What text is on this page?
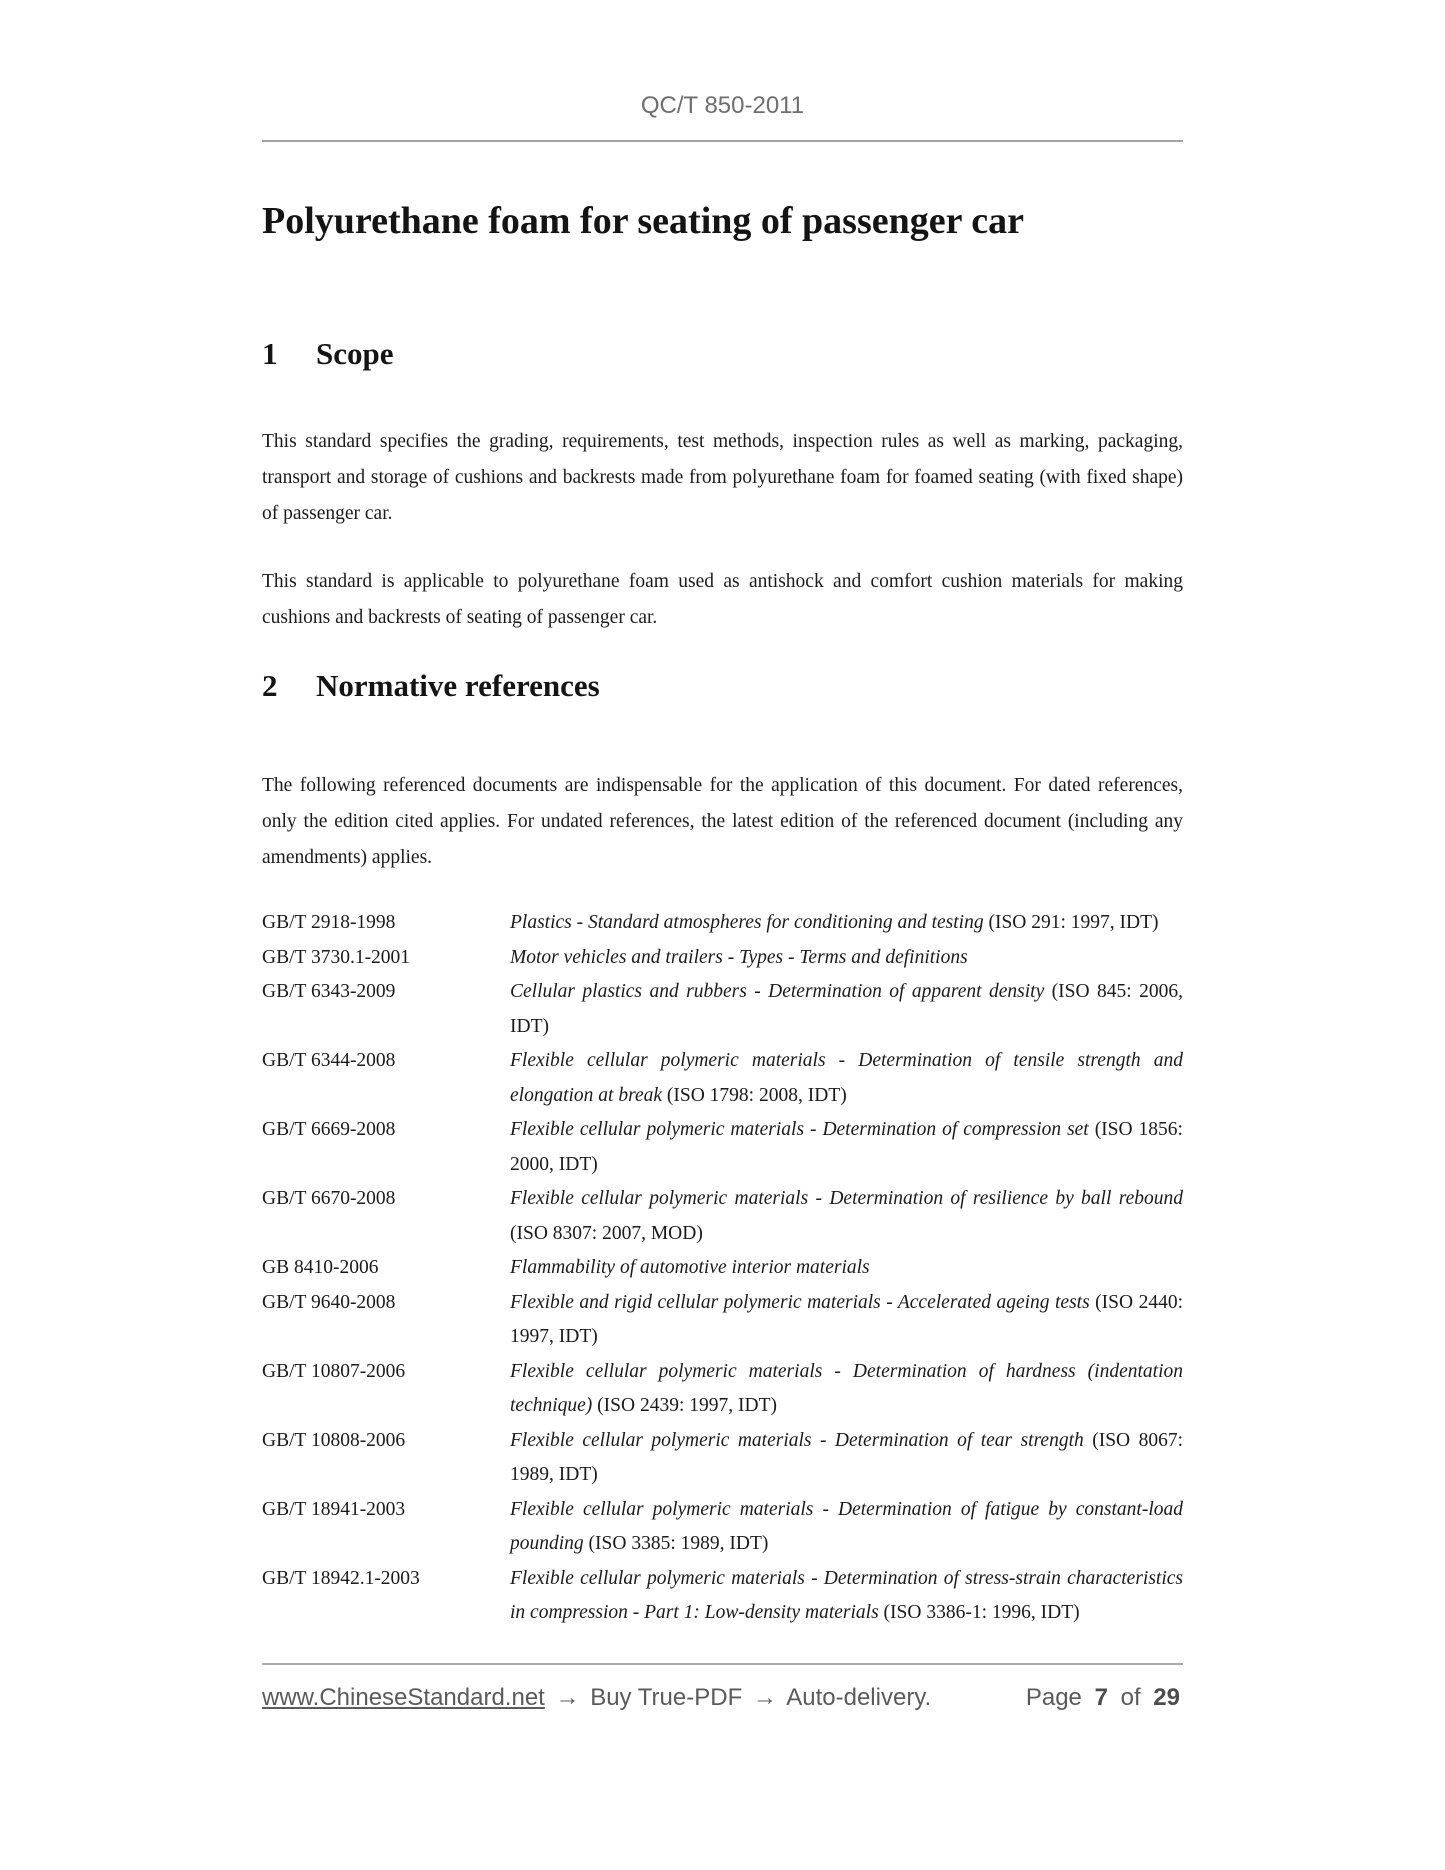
QC/T 850-2011
Polyurethane foam for seating of passenger car
1 Scope

This standard specifies the grading, requirements, test methods, inspection rules as well as marking, packaging, transport and storage of cushions and backrests made from polyurethane foam for foamed seating (with fixed shape) of passenger car.

This standard is applicable to polyurethane foam used as antishock and comfort cushion materials for making cushions and backrests of seating of passenger car.

2 Normative references

The following referenced documents are indispensable for the application of this document. For dated references, only the edition cited applies. For undated references, the latest edition of the referenced document (including any amendments) applies.

GB/T 2918-1998	Plastics - Standard atmospheres for conditioning and testing (ISO 291: 1997, IDT)
GB/T 3730.1-2001	Motor vehicles and trailers - Types - Terms and definitions
GB/T 6343-2009	Cellular plastics and rubbers - Determination of apparent density (ISO 845: 2006, IDT)
GB/T 6344-2008	Flexible cellular polymeric materials - Determination of tensile strength and elongation at break (ISO 1798: 2008, IDT)
GB/T 6669-2008	Flexible cellular polymeric materials - Determination of compression set (ISO 1856: 2000, IDT)
GB/T 6670-2008	Flexible cellular polymeric materials - Determination of resilience by ball rebound (ISO 8307: 2007, MOD)
GB 8410-2006	Flammability of automotive interior materials
GB/T 9640-2008	Flexible and rigid cellular polymeric materials - Accelerated ageing tests (ISO 2440: 1997, IDT)
GB/T 10807-2006	Flexible cellular polymeric materials - Determination of hardness (indentation technique) (ISO 2439: 1997, IDT)
GB/T 10808-2006	Flexible cellular polymeric materials - Determination of tear strength (ISO 8067: 1989, IDT)
GB/T 18941-2003	Flexible cellular polymeric materials - Determination of fatigue by constant-load pounding (ISO 3385: 1989, IDT)
GB/T 18942.1-2003	Flexible cellular polymeric materials - Determination of stress-strain characteristics in compression - Part 1: Low-density materials (ISO 3386-1: 1996, IDT)
www.ChineseStandard.net → Buy True-PDF → Auto-delivery.	Page 7 of 29
